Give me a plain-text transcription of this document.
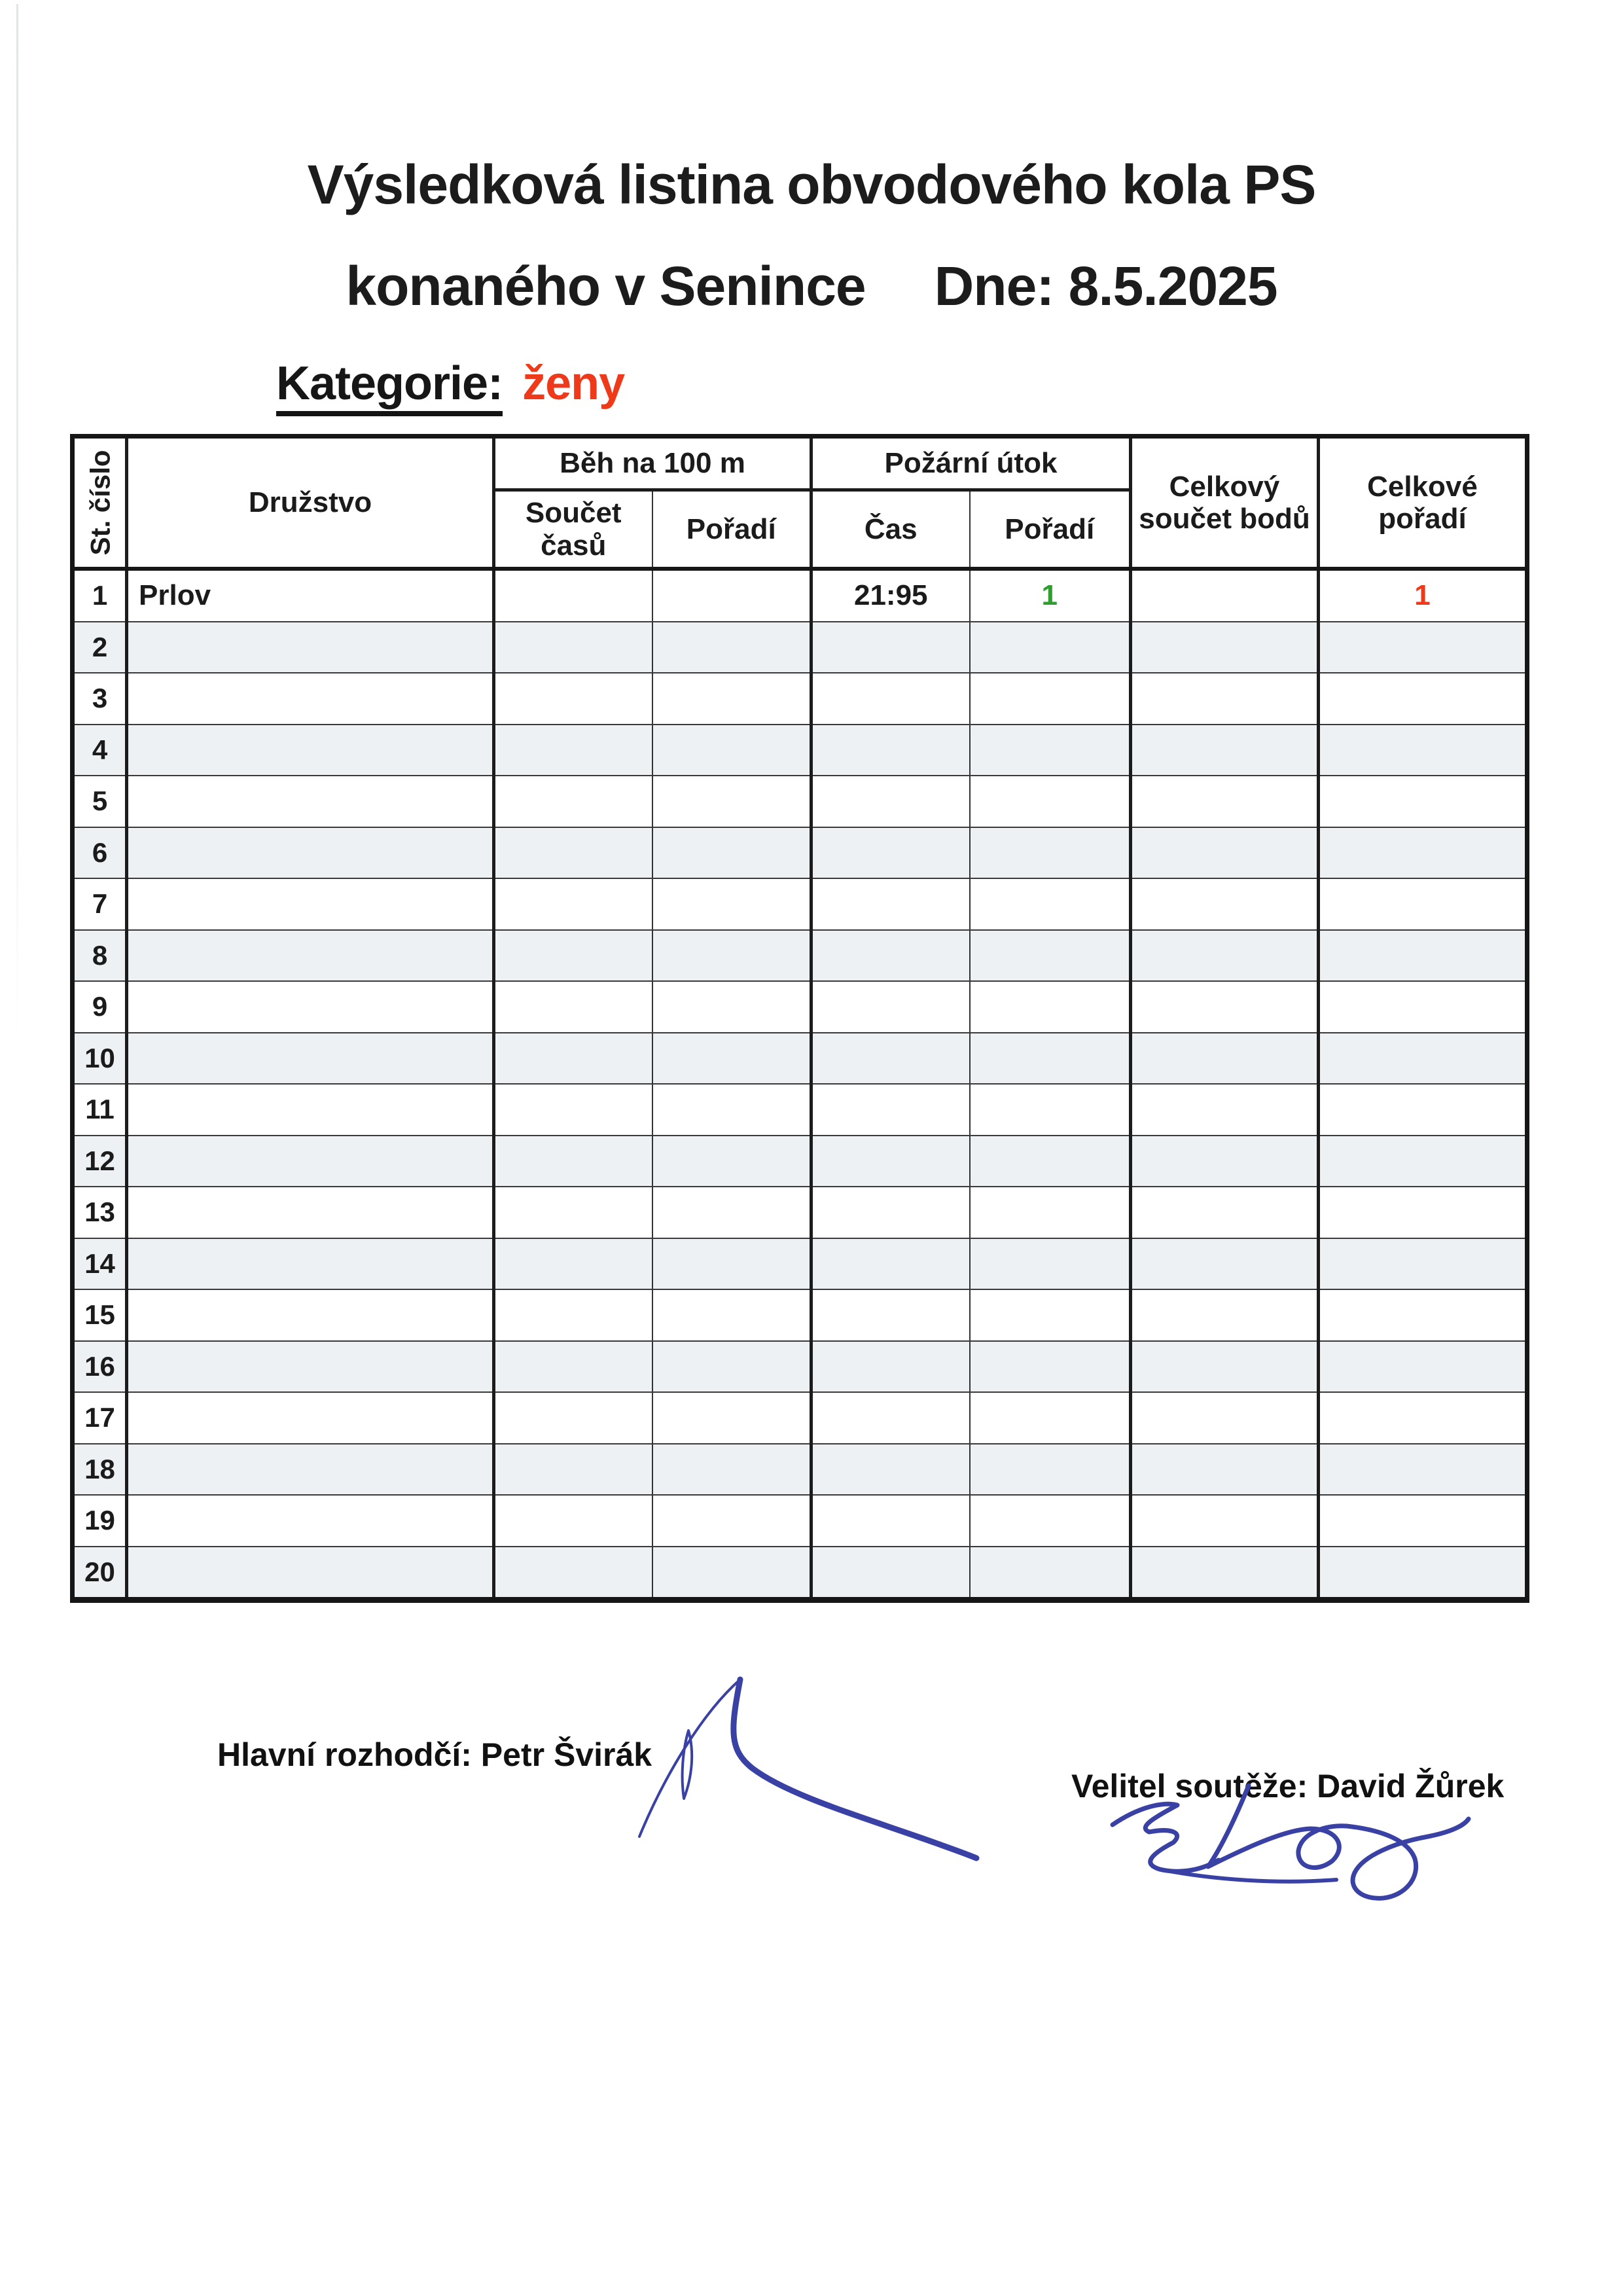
Výsledková listina obvodového kola PS
konaného v Senince Dne: 8.5.2025
Kategorie: ženy
St. číslo	Družstvo	Běh na 100 m		Požární útok		Celkový součet bodů	Celkové pořadí
		Součet časů	Pořadí	Čas	Pořadí		
1	Prlov			21:95	1		1
2							
3							
4							
5							
6							
7							
8							
9							
10							
11							
12							
13							
14							
15							
16							
17							
18							
19							
20							
Hlavní rozhodčí: Petr Švirák
Velitel soutěže: David Žůrek
